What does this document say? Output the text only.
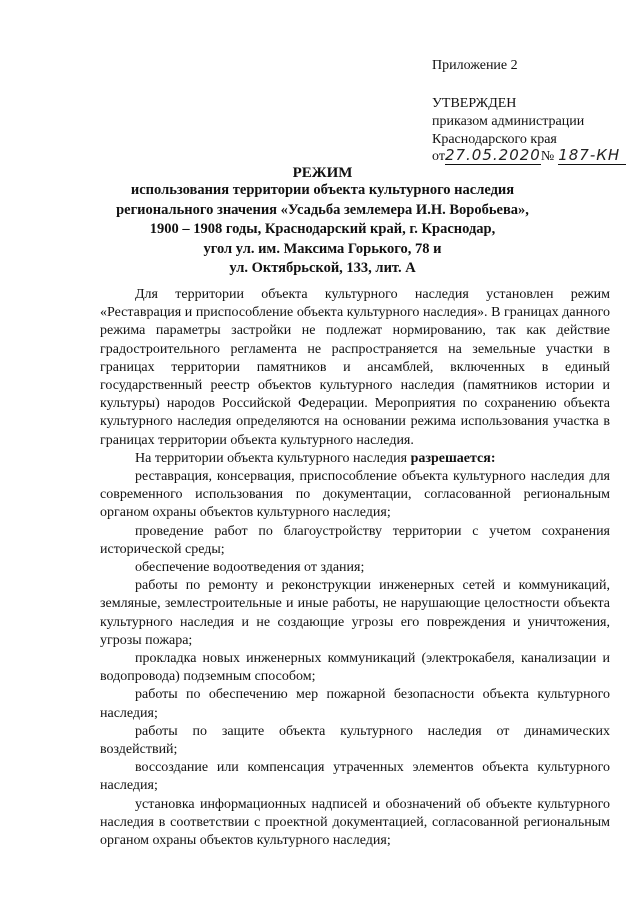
Приложение 2
УТВЕРЖДЕН
приказом администрации
Краснодарского края
от27.05.2020№ 187-КН
РЕЖИМ
использования территории объекта культурного наследия
регионального значения «Усадьба землемера И.Н. Воробьева»,
1900 – 1908 годы, Краснодарский край, г. Краснодар,
угол ул. им. Максима Горького, 78 и
ул. Октябрьской, 133, лит. А

Для территории объекта культурного наследия установлен режим «Реставрация и приспособление объекта культурного наследия». В границах данного режима параметры застройки не подлежат нормированию, так как действие градостроительного регламента не распространяется на земельные участки в границах территории памятников и ансамблей, включенных в единый государственный реестр объектов культурного наследия (памятников истории и культуры) народов Российской Федерации. Мероприятия по сохранению объекта культурного наследия определяются на основании режима использования участка в границах территории объекта культурного наследия.

На территории объекта культурного наследия разрешается:

реставрация, консервация, приспособление объекта культурного наследия для современного использования по документации, согласованной региональным органом охраны объектов культурного наследия;

проведение работ по благоустройству территории с учетом сохранения исторической среды;

обеспечение водоотведения от здания;

работы по ремонту и реконструкции инженерных сетей и коммуникаций, земляные, землестроительные и иные работы, не нарушающие целостности объекта культурного наследия и не создающие угрозы его повреждения и уничтожения, угрозы пожара;

прокладка новых инженерных коммуникаций (электрокабеля, канализации и водопровода) подземным способом;

работы по обеспечению мер пожарной безопасности объекта культурного наследия;

работы по защите объекта культурного наследия от динамических воздействий;

воссоздание или компенсация утраченных элементов объекта культурного наследия;

установка информационных надписей и обозначений об объекте культурного наследия в соответствии с проектной документацией, согласованной региональным органом охраны объектов культурного наследия;
